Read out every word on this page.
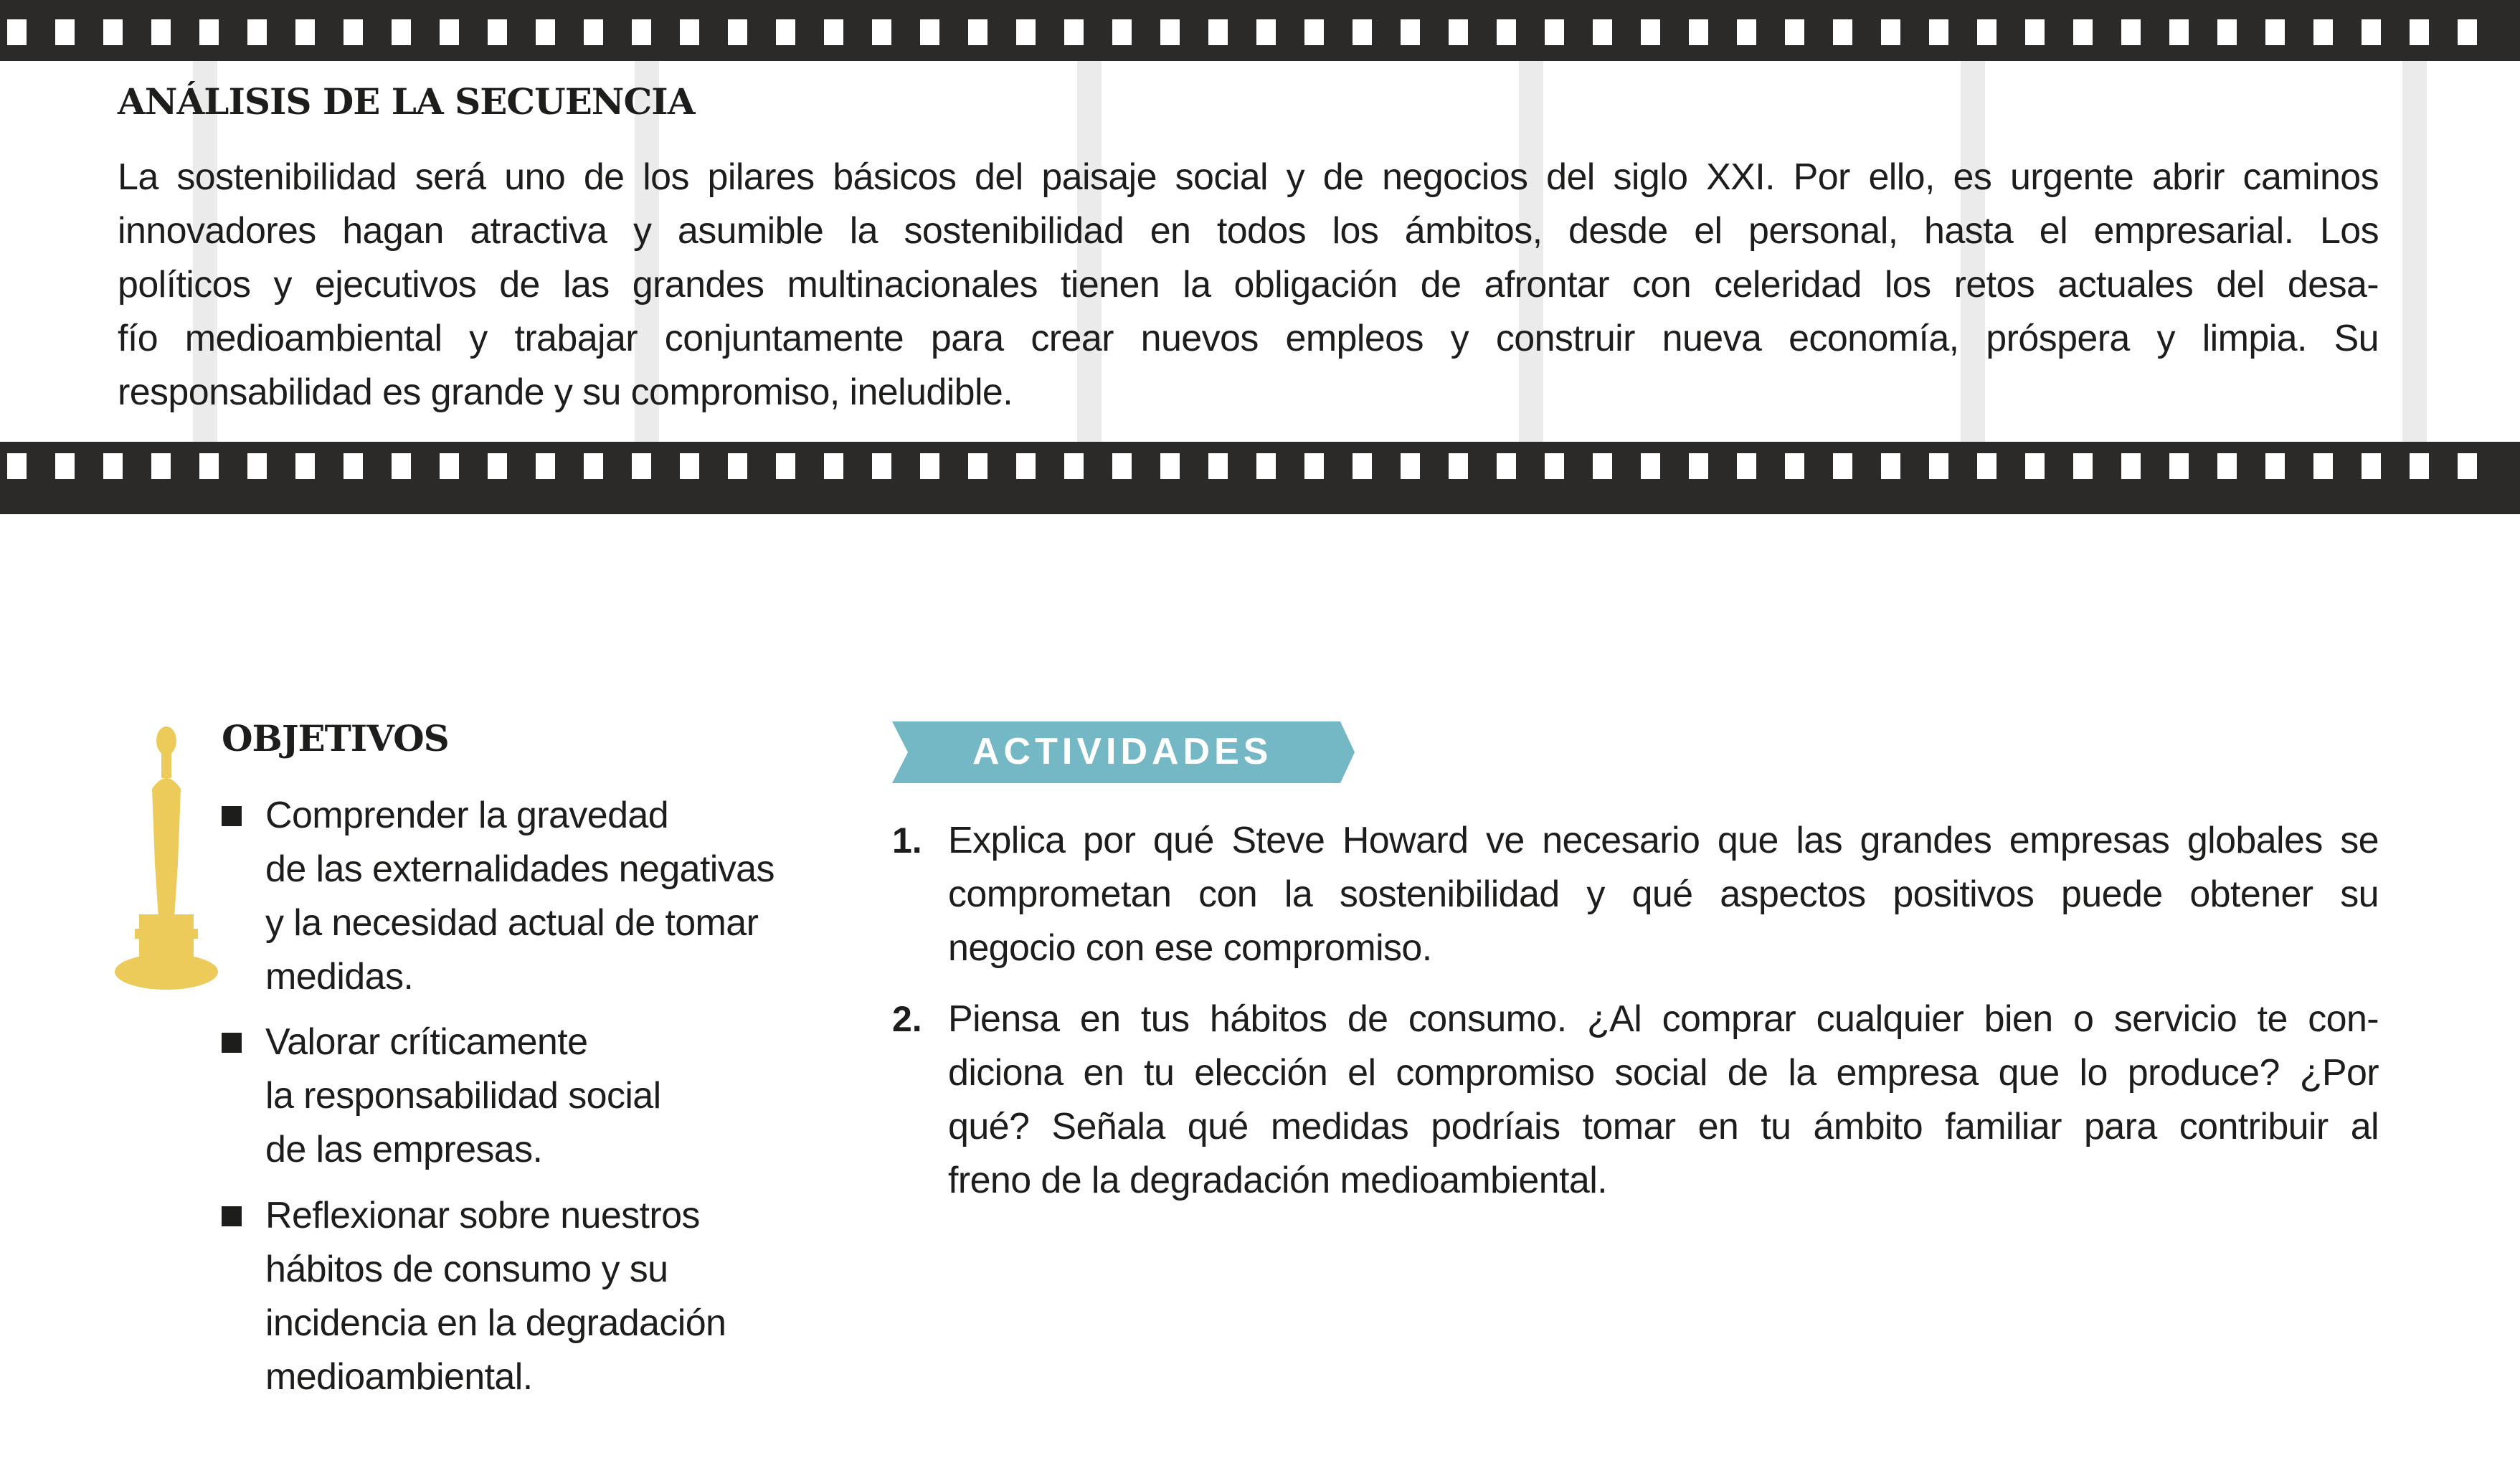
ANÁLISIS DE LA SECUENCIA
La sostenibilidad será uno de los pilares básicos del paisaje social y de negocios del siglo XXI. Por ello, es urgente abrir caminos
innovadores hagan atractiva y asumible la sostenibilidad en todos los ámbitos, desde el personal, hasta el empresarial. Los
políticos y ejecutivos de las grandes multinacionales tienen la obligación de afrontar con celeridad los retos actuales del desa-
fío medioambiental y trabajar conjuntamente para crear nuevos empleos y construir nueva economía, próspera y limpia. Su
responsabilidad es grande y su compromiso, ineludible.
OBJETIVOS
Comprender la gravedad
de las externalidades negativas
y la necesidad actual de tomar
medidas.
Valorar críticamente
la responsabilidad social
de las empresas.
Reflexionar sobre nuestros
hábitos de consumo y su
incidencia en la degradación
medioambiental.
ACTIVIDADES
1. Explica por qué Steve Howard ve necesario que las grandes empresas globales se
comprometan con la sostenibilidad y qué aspectos positivos puede obtener su
negocio con ese compromiso.
2. Piensa en tus hábitos de consumo. ¿Al comprar cualquier bien o servicio te con-
diciona en tu elección el compromiso social de la empresa que lo produce? ¿Por
qué? Señala qué medidas podríais tomar en tu ámbito familiar para contribuir al
freno de la degradación medioambiental.
